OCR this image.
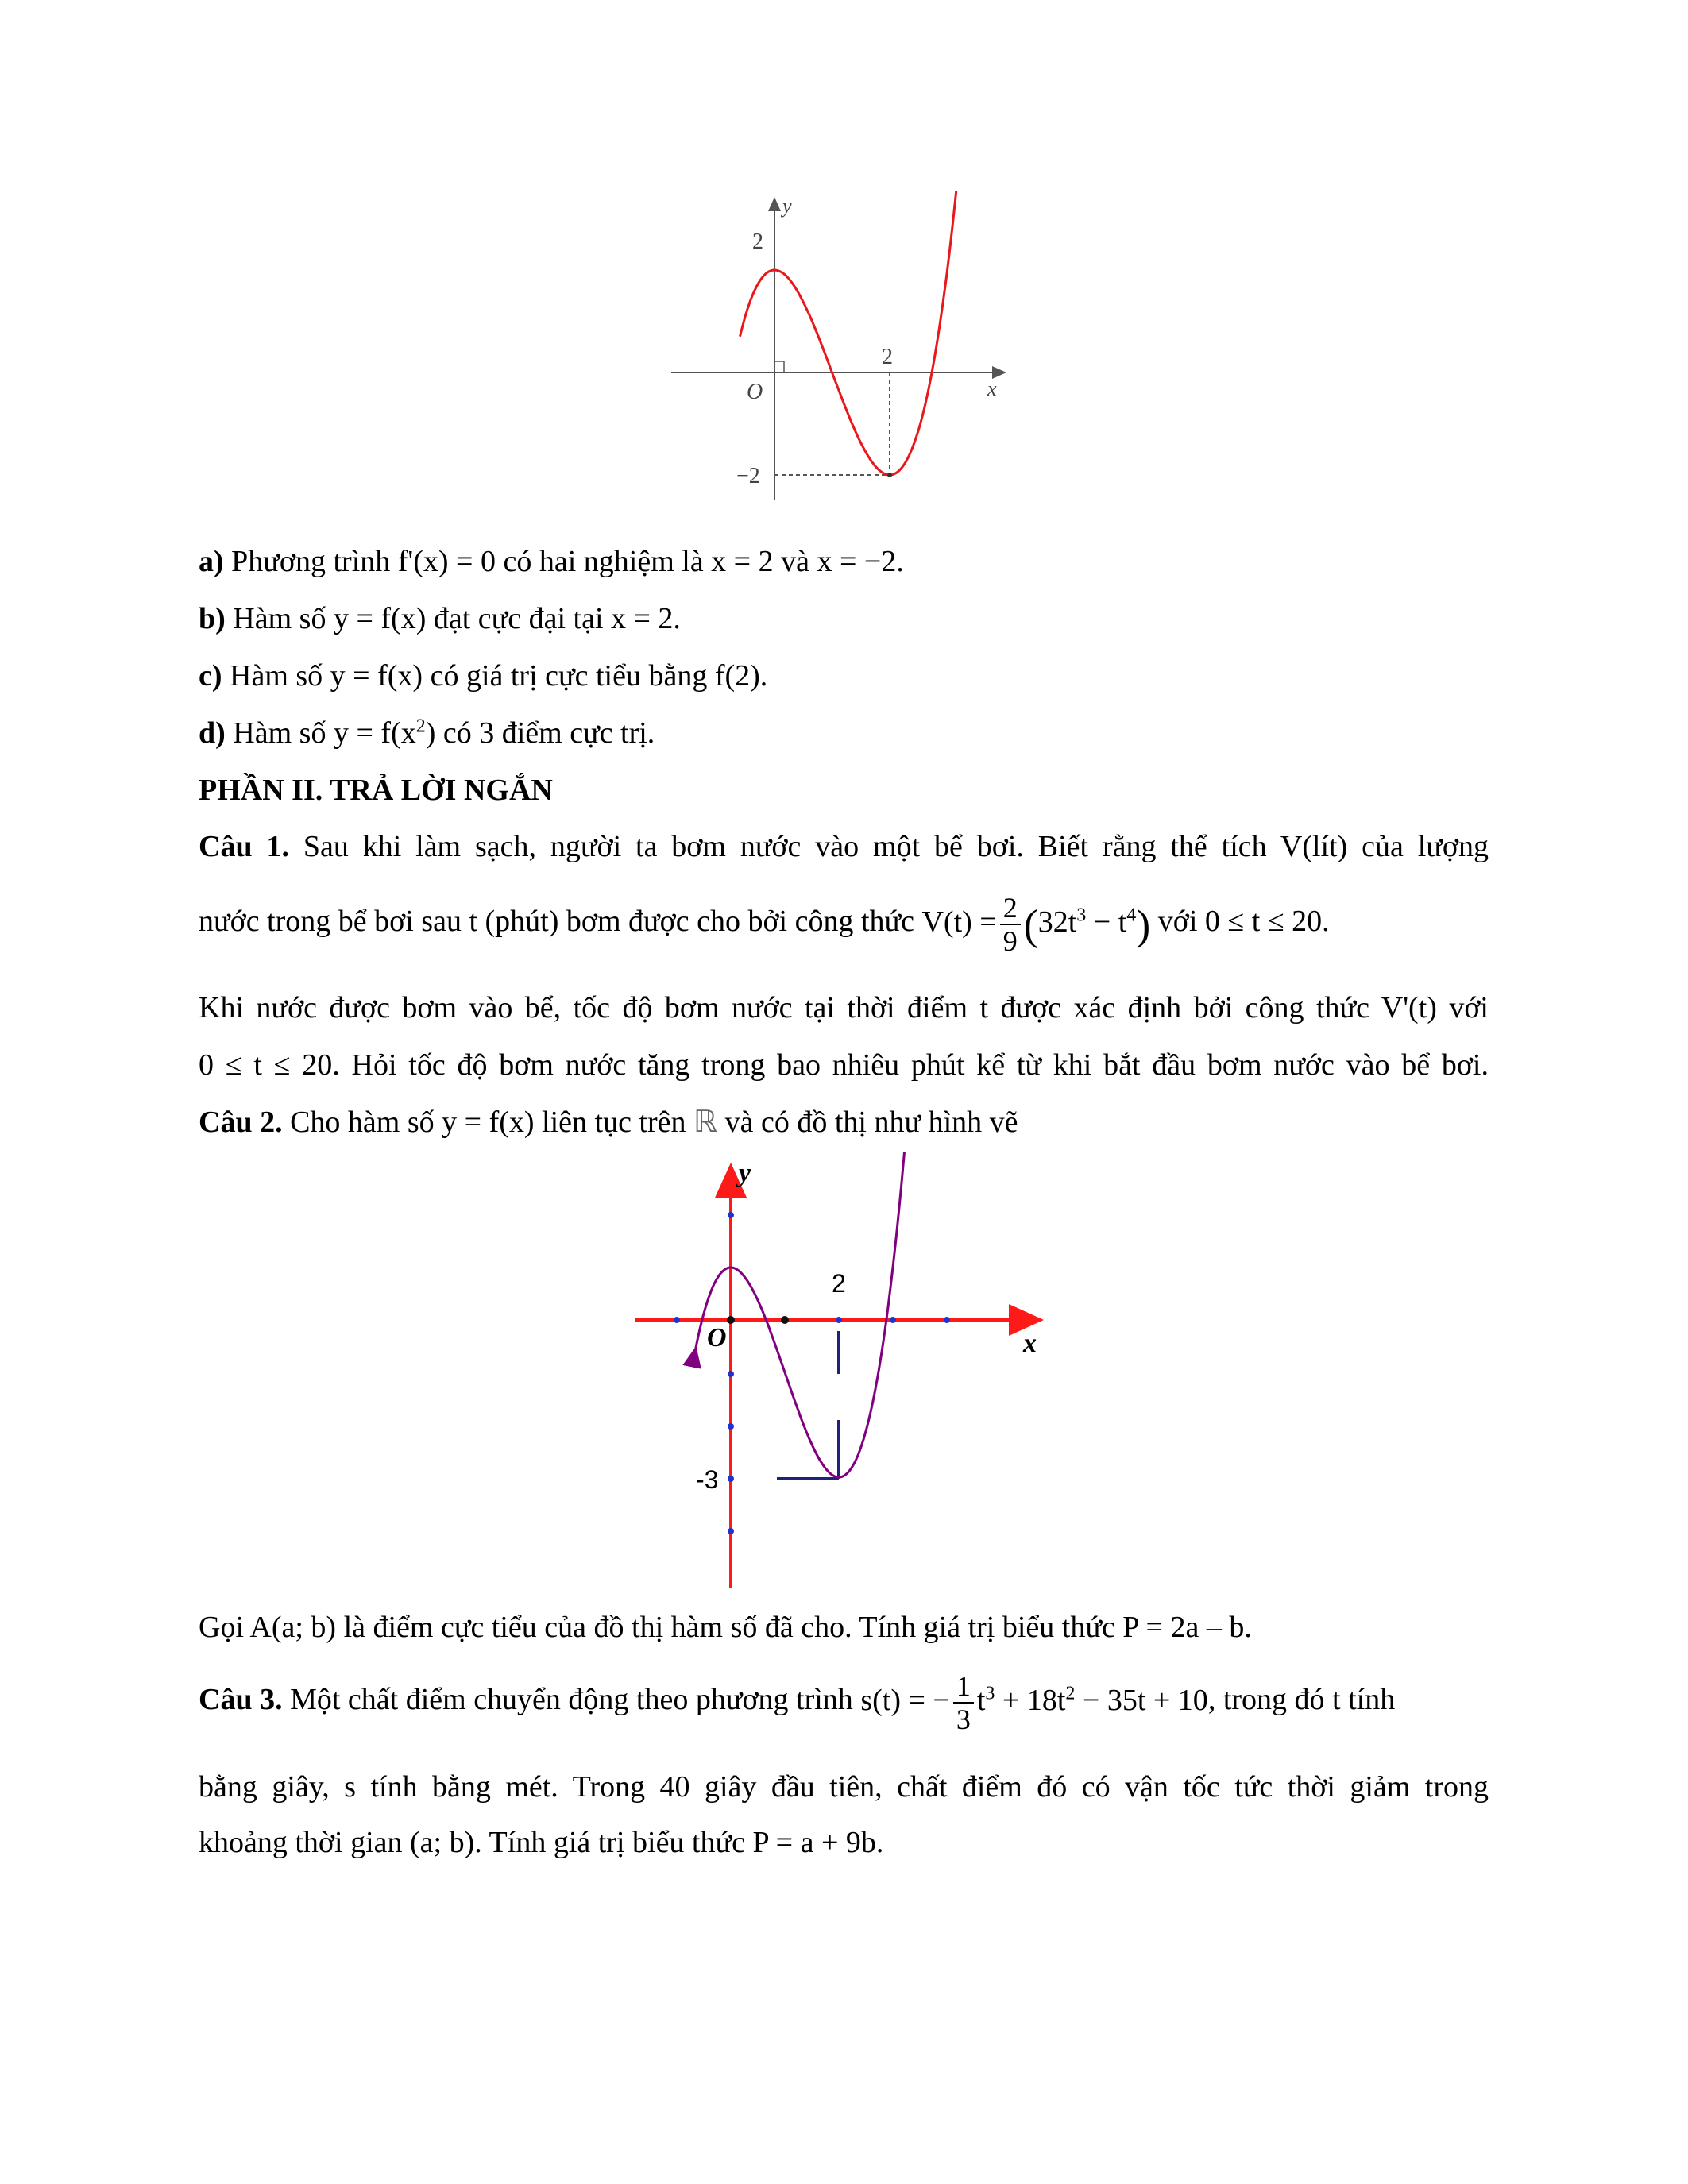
y
x
O
2
−2
2
a) Phương trình f'(x) = 0 có hai nghiệm là x = 2 và x = −2.
b) Hàm số y = f(x) đạt cực đại tại x = 2.
c) Hàm số y = f(x) có giá trị cực tiểu bằng f(2).
d) Hàm số $y = f(x^2)$ có 3 điểm cực trị.
PHẦN II. TRẢ LỜI NGẮN
Câu 1. Sau khi làm sạch, người ta bơm nước vào một bể bơi. Biết rằng thể tích V(lít) của lượng
nước trong bể bơi sau t (phút) bơm được cho bởi công thức $V(t) = \frac{2}{9} (32t^3 - t^4)$ với 0 ≤ t ≤ 20.
Khi nước được bơm vào bể, tốc độ bơm nước tại thời điểm t được xác định bởi công thức V'(t) với
0 ≤ t ≤ 20. Hỏi tốc độ bơm nước tăng trong bao nhiêu phút kể từ khi bắt đầu bơm nước vào bể bơi.
Câu 2. Cho hàm số y = f(x) liên tục trên ℝ và có đồ thị như hình vẽ
y
x
O
2
-3
Gọi A(a; b) là điểm cực tiểu của đồ thị hàm số đã cho. Tính giá trị biểu thức P = 2a – b.
Câu 3. Một chất điểm chuyển động theo phương trình s(t) = − $\frac{1}{3} t^3 + 18t^2 - 35t + 10$, trong đó t tính
bằng giây, s tính bằng mét. Trong 40 giây đầu tiên, chất điểm đó có vận tốc tức thời giảm trong
khoảng thời gian (a; b). Tính giá trị biểu thức P = a + 9b.
